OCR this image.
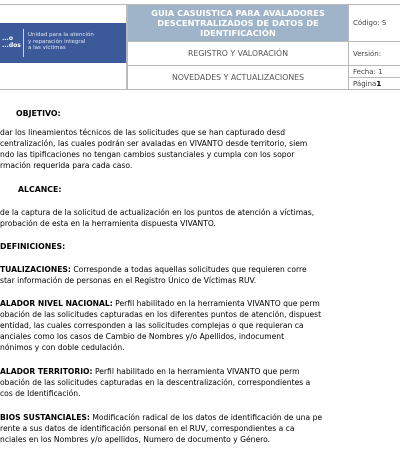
...o
...dos
Unidad para la atención
y reparación integral
a las víctimas
GUIA CASUISTICA PARA AVALADORES DESCENTRALIZADOS DE DATOS DE IDENTIFICACIÓN
REGISTRO Y VALORACIÓN
NOVEDADES Y ACTUALIZACIONES
Código: S
Versión:
Fecha: 1
Página 1
OBJETIVO:
dar los lineamientos técnicos de las solicitudes que se han capturado desd
centralización, las cuales podrán ser avaladas en VIVANTO desde territorio, siem
ndo las tipificaciones no tengan cambios sustanciales y cumpla con los sopor
rmación requerida para cada caso.
ALCANCE:
de la captura de la solicitud de actualización en los puntos de atención a víctimas,
probación de esta en la herramienta dispuesta VIVANTO.
DEFINICIONES:
TUALIZACIONES: Corresponde a todas aquellas solicitudes que requieren corre
star información de personas en el Registro Único de Víctimas RUV.
ALADOR NIVEL NACIONAL: Perfil habilitado en la herramienta VIVANTO que perm
obación de las solicitudes capturadas en los diferentes puntos de atención, dispuest
entidad, las cuales corresponden a las solicitudes complejas o que requieran ca
anciales como los casos de Cambio de Nombres y/o Apellidos, indocument
nónimos y con doble cedulación.
ALADOR TERRITORIO: Perfil habilitado en la herramienta VIVANTO que perm
obación de las solicitudes capturadas en la descentralización, correspondientes a
cos de Identificación.
BIOS SUSTANCIALES: Modificación radical de los datos de identificación de una pe
rente a sus datos de identificación personal en el RUV, correspondientes a ca
nciales en los Nombres y/o apellidos, Numero de documento y Género.
